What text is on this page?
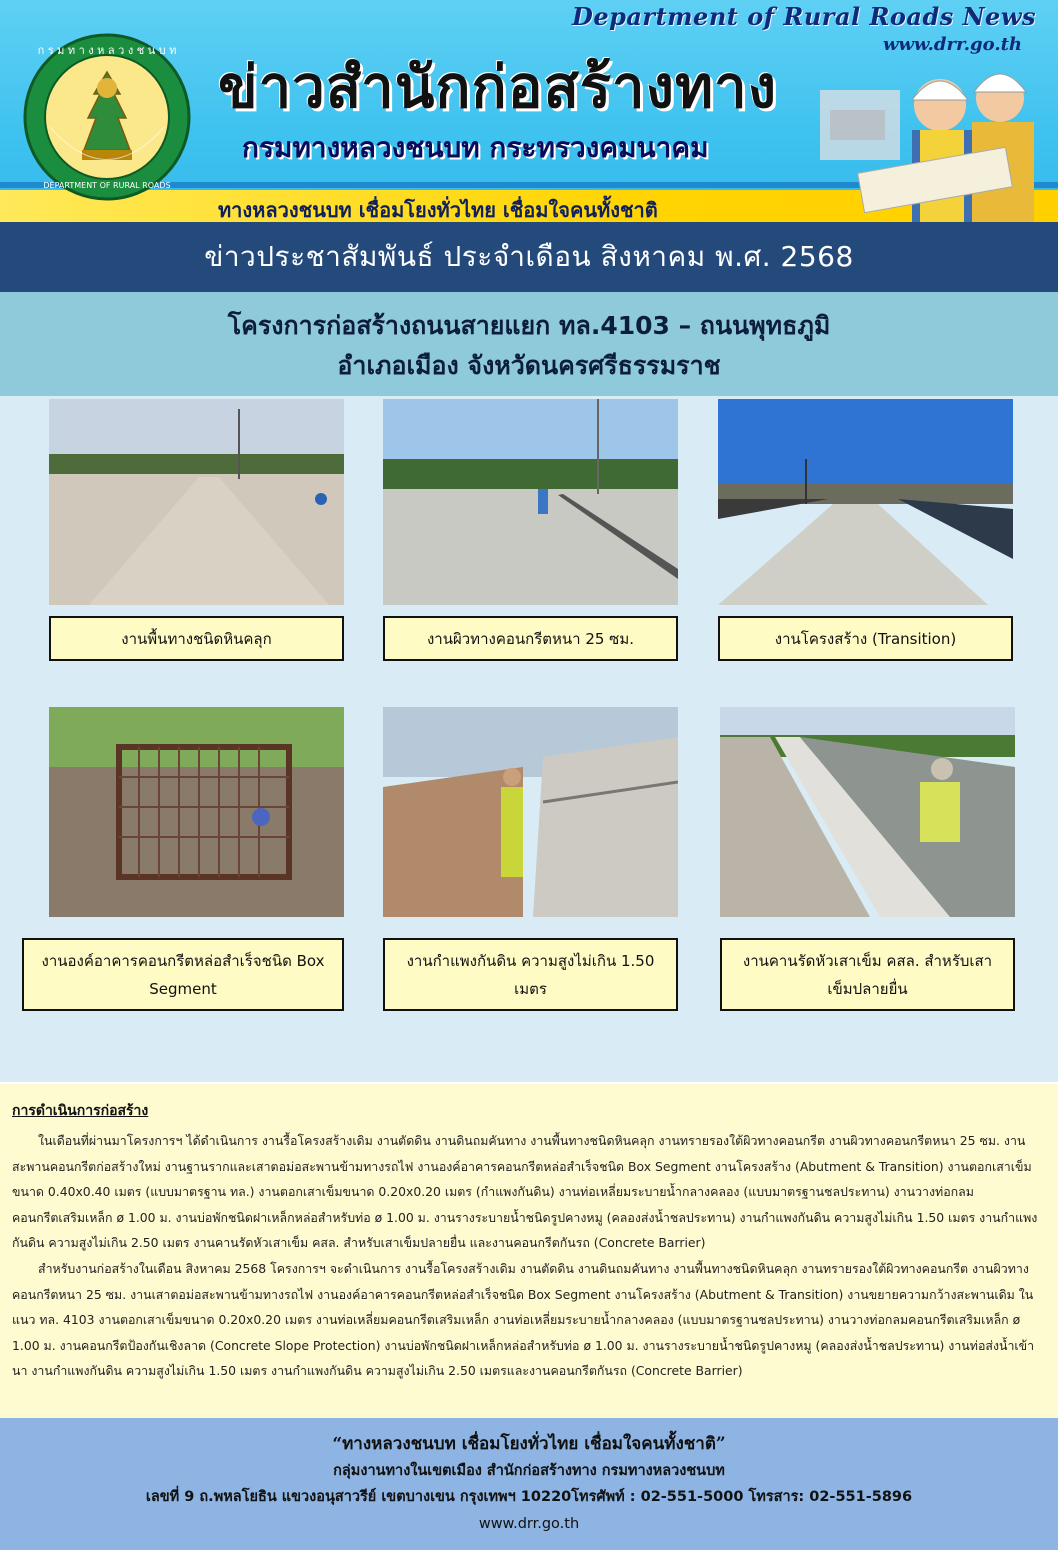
ก ร ม ท า ง ห ล ว ง ช น บ ท
DEPARTMENT OF RURAL ROADS
Department of Rural Roads News
www.drr.go.th
ข่าวสำนักก่อสร้างทาง
กรมทางหลวงชนบท กระทรวงคมนาคม
ทางหลวงชนบท เชื่อมโยงทั่วไทย เชื่อมใจคนทั้งชาติ
ข่าวประชาสัมพันธ์ ประจำเดือน สิงหาคม พ.ศ. 2568
โครงการก่อสร้างถนนสายแยก ทล.4103 – ถนนพุทธภูมิ
อำเภอเมือง จังหวัดนครศรีธรรมราช
งานพื้นทางชนิดหินคลุก	งานผิวทางคอนกรีตหนา 25 ซม.	งานโครงสร้าง (Transition)
งานองค์อาคารคอนกรีตหล่อสำเร็จชนิด Box Segment
งานกำแพงกันดิน ความสูงไม่เกิน 1.50 เมตร
งานคานรัดหัวเสาเข็ม คสล. สำหรับเสาเข็มปลายยื่น
การดำเนินการก่อสร้าง

ในเดือนที่ผ่านมาโครงการฯ ได้ดำเนินการ งานรื้อโครงสร้างเดิม งานตัดดิน งานดินถมคันทาง งานพื้นทางชนิดหินคลุก งานทรายรองใต้ผิวทางคอนกรีต งานผิวทางคอนกรีตหนา 25 ซม. งานสะพานคอนกรีตก่อสร้างใหม่ งานฐานรากและเสาตอม่อสะพานข้ามทางรถไฟ งานองค์อาคารคอนกรีตหล่อสำเร็จชนิด Box Segment งานโครงสร้าง (Abutment & Transition) งานตอกเสาเข็มขนาด 0.40x0.40 เมตร (แบบมาตรฐาน ทล.) งานตอกเสาเข็มขนาด 0.20x0.20 เมตร (กำแพงกันดิน) งานท่อเหลี่ยมระบายน้ำกลางคลอง (แบบมาตรฐานชลประทาน) งานวางท่อกลมคอนกรีตเสริมเหล็ก ø 1.00 ม. งานบ่อพักชนิดฝาเหล็กหล่อสำหรับท่อ ø 1.00 ม. งานรางระบายน้ำชนิดรูปคางหมู (คลองส่งน้ำชลประทาน) งานกำแพงกันดิน ความสูงไม่เกิน 1.50 เมตร งานกำแพงกันดิน ความสูงไม่เกิน 2.50 เมตร งานคานรัดหัวเสาเข็ม คสล. สำหรับเสาเข็มปลายยื่น และงานคอนกรีตกันรถ (Concrete Barrier)

สำหรับงานก่อสร้างในเดือน สิงหาคม 2568 โครงการฯ จะดำเนินการ งานรื้อโครงสร้างเดิม งานตัดดิน งานดินถมคันทาง งานพื้นทางชนิดหินคลุก งานทรายรองใต้ผิวทางคอนกรีต งานผิวทางคอนกรีตหนา 25 ซม. งานเสาตอม่อสะพานข้ามทางรถไฟ งานองค์อาคารคอนกรีตหล่อสำเร็จชนิด Box Segment งานโครงสร้าง (Abutment & Transition) งานขยายความกว้างสะพานเดิม ในแนว ทล. 4103 งานตอกเสาเข็มขนาด 0.20x0.20 เมตร งานท่อเหลี่ยมคอนกรีตเสริมเหล็ก งานท่อเหลี่ยมระบายน้ำกลางคลอง (แบบมาตรฐานชลประทาน) งานวางท่อกลมคอนกรีตเสริมเหล็ก ø 1.00 ม. งานคอนกรีตป้องกันเชิงลาด (Concrete Slope Protection) งานบ่อพักชนิดฝาเหล็กหล่อสำหรับท่อ ø 1.00 ม. งานรางระบายน้ำชนิดรูปคางหมู (คลองส่งน้ำชลประทาน) งานท่อส่งน้ำเข้านา งานกำแพงกันดิน ความสูงไม่เกิน 1.50 เมตร งานกำแพงกันดิน ความสูงไม่เกิน 2.50 เมตรและงานคอนกรีตกันรถ (Concrete Barrier)

“ทางหลวงชนบท เชื่อมโยงทั่วไทย เชื่อมใจคนทั้งชาติ”
กลุ่มงานทางในเขตเมือง สำนักก่อสร้างทาง กรมทางหลวงชนบท
เลขที่ 9 ถ.พหลโยธิน แขวงอนุสาวรีย์ เขตบางเขน กรุงเทพฯ 10220โทรศัพท์ : 02-551-5000 โทรสาร: 02-551-5896
www.drr.go.th
